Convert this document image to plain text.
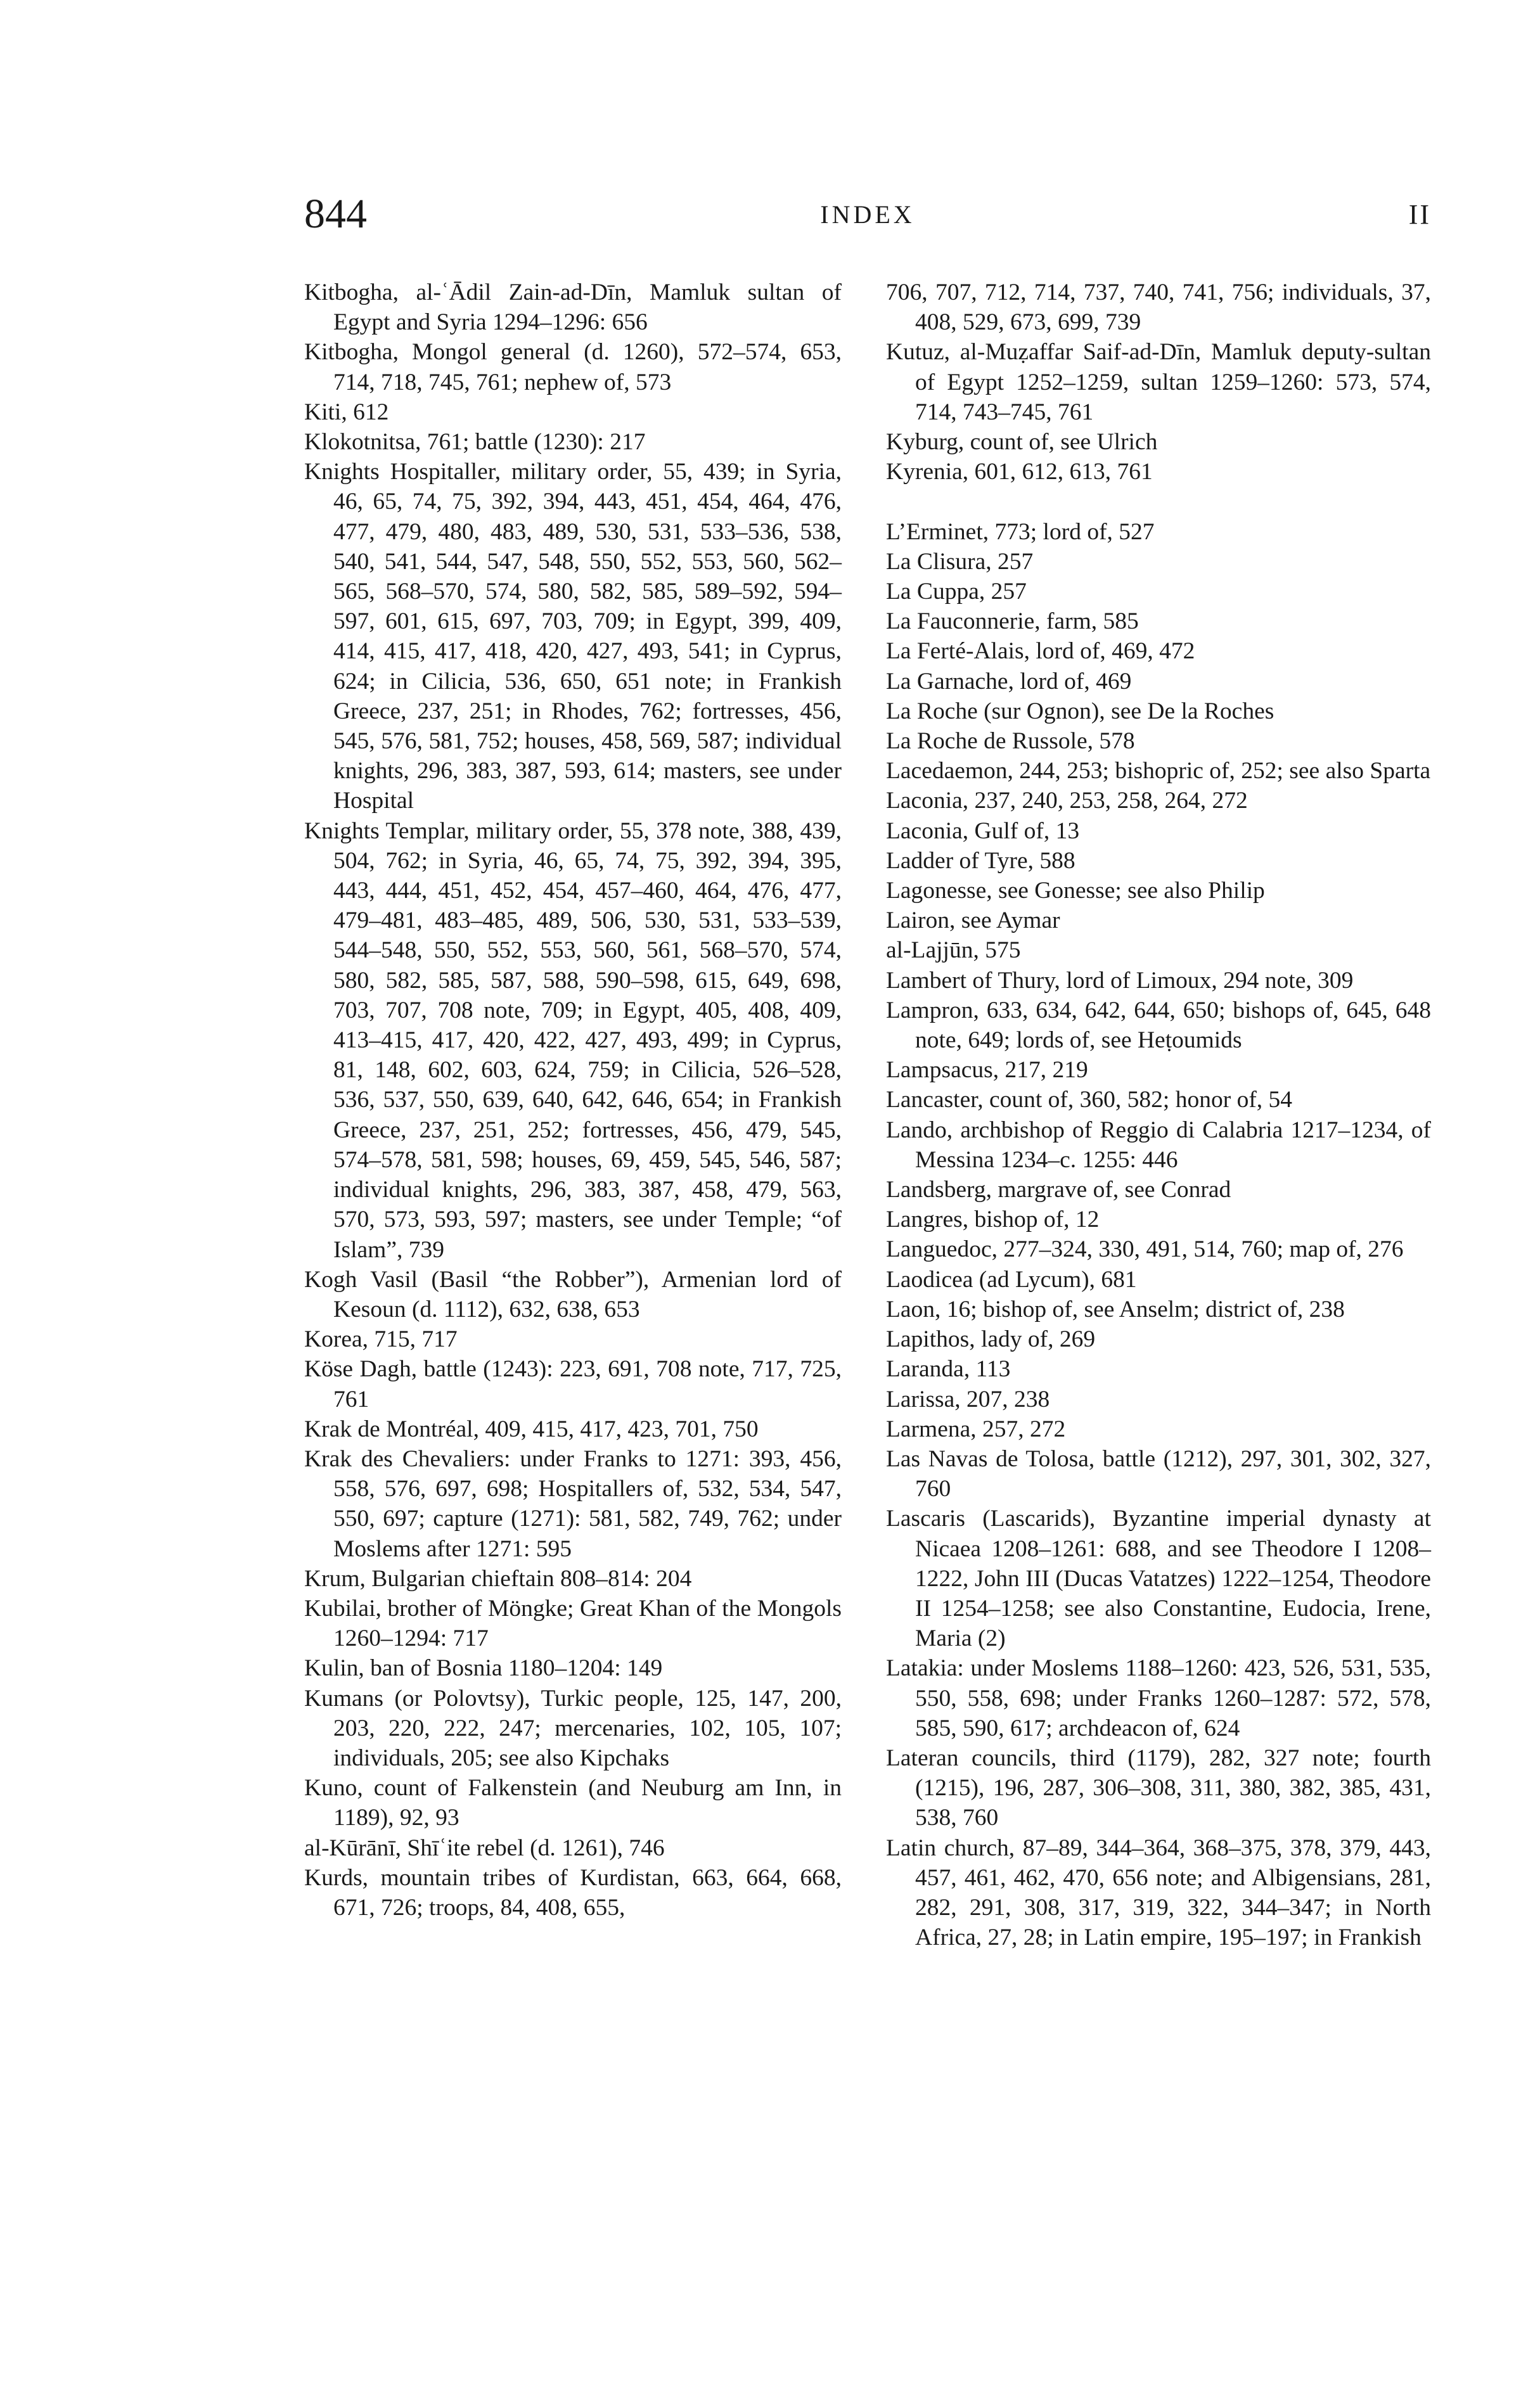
844	INDEX	II

Kitbogha, al-ʿĀdil Zain-ad-Dīn, Mamluk sultan of Egypt and Syria 1294–1296: 656

Kitbogha, Mongol general (d. 1260), 572–574, 653, 714, 718, 745, 761; nephew of, 573

Kiti, 612

Klokotnitsa, 761; battle (1230): 217

Knights Hospitaller, military order, 55, 439; in Syria, 46, 65, 74, 75, 392, 394, 443, 451, 454, 464, 476, 477, 479, 480, 483, 489, 530, 531, 533–536, 538, 540, 541, 544, 547, 548, 550, 552, 553, 560, 562–565, 568–570, 574, 580, 582, 585, 589–592, 594–597, 601, 615, 697, 703, 709; in Egypt, 399, 409, 414, 415, 417, 418, 420, 427, 493, 541; in Cyprus, 624; in Cilicia, 536, 650, 651 note; in Frankish Greece, 237, 251; in Rhodes, 762; fortresses, 456, 545, 576, 581, 752; houses, 458, 569, 587; individual knights, 296, 383, 387, 593, 614; masters, see under Hospital

Knights Templar, military order, 55, 378 note, 388, 439, 504, 762; in Syria, 46, 65, 74, 75, 392, 394, 395, 443, 444, 451, 452, 454, 457–460, 464, 476, 477, 479–481, 483–485, 489, 506, 530, 531, 533–539, 544–548, 550, 552, 553, 560, 561, 568–570, 574, 580, 582, 585, 587, 588, 590–598, 615, 649, 698, 703, 707, 708 note, 709; in Egypt, 405, 408, 409, 413–415, 417, 420, 422, 427, 493, 499; in Cyprus, 81, 148, 602, 603, 624, 759; in Cilicia, 526–528, 536, 537, 550, 639, 640, 642, 646, 654; in Frankish Greece, 237, 251, 252; fortresses, 456, 479, 545, 574–578, 581, 598; houses, 69, 459, 545, 546, 587; individual knights, 296, 383, 387, 458, 479, 563, 570, 573, 593, 597; masters, see under Temple; “of Islam”, 739

Kogh Vasil (Basil “the Robber”), Armenian lord of Kesoun (d. 1112), 632, 638, 653

Korea, 715, 717

Köse Dagh, battle (1243): 223, 691, 708 note, 717, 725, 761

Krak de Montréal, 409, 415, 417, 423, 701, 750

Krak des Chevaliers: under Franks to 1271: 393, 456, 558, 576, 697, 698; Hospitallers of, 532, 534, 547, 550, 697; capture (1271): 581, 582, 749, 762; under Moslems after 1271: 595

Krum, Bulgarian chieftain 808–814: 204

Kubilai, brother of Möngke; Great Khan of the Mongols 1260–1294: 717

Kulin, ban of Bosnia 1180–1204: 149

Kumans (or Polovtsy), Turkic people, 125, 147, 200, 203, 220, 222, 247; mercenaries, 102, 105, 107; individuals, 205; see also Kipchaks

Kuno, count of Falkenstein (and Neuburg am Inn, in 1189), 92, 93

al-Kūrānī, Shīʿite rebel (d. 1261), 746

Kurds, mountain tribes of Kurdistan, 663, 664, 668, 671, 726; troops, 84, 408, 655,

706, 707, 712, 714, 737, 740, 741, 756; individuals, 37, 408, 529, 673, 699, 739

Kutuz, al-Muẓaffar Saif-ad-Dīn, Mamluk deputy-sultan of Egypt 1252–1259, sultan 1259–1260: 573, 574, 714, 743–745, 761

Kyburg, count of, see Ulrich

Kyrenia, 601, 612, 613, 761

L’Erminet, 773; lord of, 527

La Clisura, 257

La Cuppa, 257

La Fauconnerie, farm, 585

La Ferté-Alais, lord of, 469, 472

La Garnache, lord of, 469

La Roche (sur Ognon), see De la Roches

La Roche de Russole, 578

Lacedaemon, 244, 253; bishopric of, 252; see also Sparta

Laconia, 237, 240, 253, 258, 264, 272

Laconia, Gulf of, 13

Ladder of Tyre, 588

Lagonesse, see Gonesse; see also Philip

Lairon, see Aymar

al-Lajjūn, 575

Lambert of Thury, lord of Limoux, 294 note, 309

Lampron, 633, 634, 642, 644, 650; bishops of, 645, 648 note, 649; lords of, see Heṭoumids

Lampsacus, 217, 219

Lancaster, count of, 360, 582; honor of, 54

Lando, archbishop of Reggio di Calabria 1217–1234, of Messina 1234–c. 1255: 446

Landsberg, margrave of, see Conrad

Langres, bishop of, 12

Languedoc, 277–324, 330, 491, 514, 760; map of, 276

Laodicea (ad Lycum), 681

Laon, 16; bishop of, see Anselm; district of, 238

Lapithos, lady of, 269

Laranda, 113

Larissa, 207, 238

Larmena, 257, 272

Las Navas de Tolosa, battle (1212), 297, 301, 302, 327, 760

Lascaris (Lascarids), Byzantine imperial dynasty at Nicaea 1208–1261: 688, and see Theodore I 1208–1222, John III (Ducas Vatatzes) 1222–1254, Theodore II 1254–1258; see also Constantine, Eudocia, Irene, Maria (2)

Latakia: under Moslems 1188–1260: 423, 526, 531, 535, 550, 558, 698; under Franks 1260–1287: 572, 578, 585, 590, 617; archdeacon of, 624

Lateran councils, third (1179), 282, 327 note; fourth (1215), 196, 287, 306–308, 311, 380, 382, 385, 431, 538, 760

Latin church, 87–89, 344–364, 368–375, 378, 379, 443, 457, 461, 462, 470, 656 note; and Albigensians, 281, 282, 291, 308, 317, 319, 322, 344–347; in North Africa, 27, 28; in Latin empire, 195–197; in Frankish
